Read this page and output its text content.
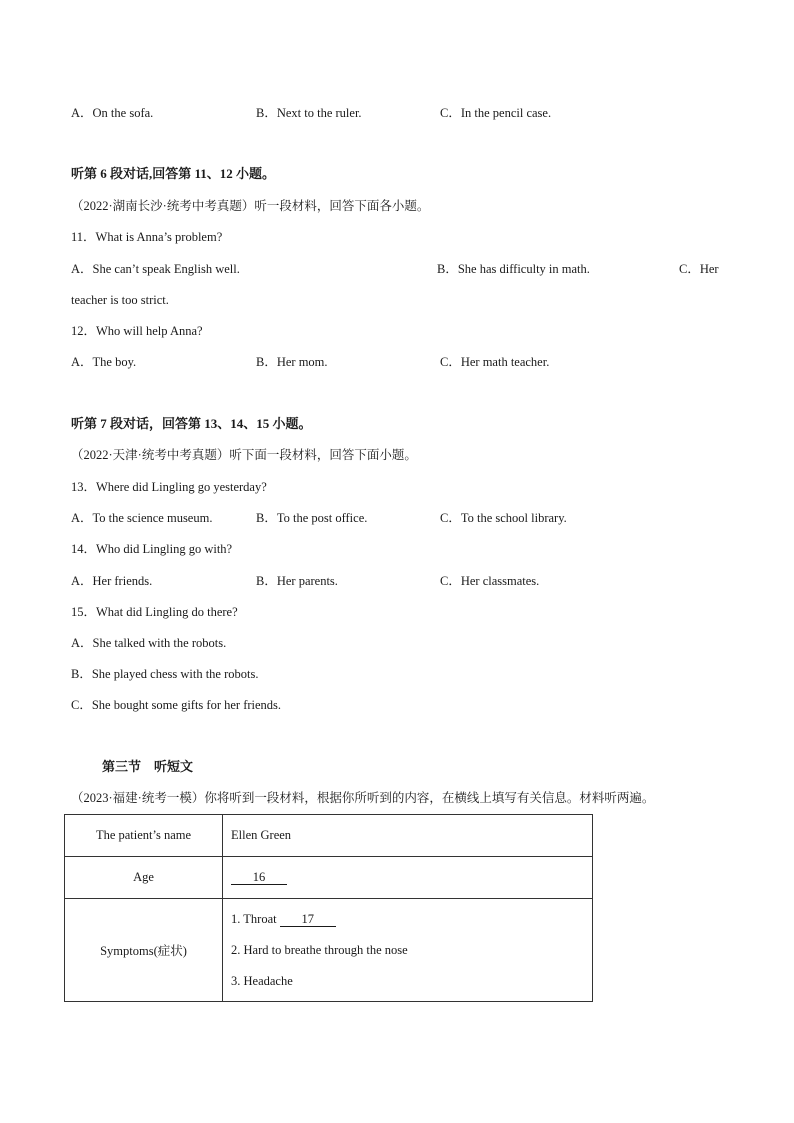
A．On the sofa.	B．Next to the ruler.	C．In the pencil case.
听第 6 段对话,回答第 11、12 小题。
（2022·湖南长沙·统考中考真题）听一段材料，回答下面各小题。
11．What is Anna’s problem?
A．She can’t speak English well.	B．She has difficulty in math.	C．Her
teacher is too strict.
12．Who will help Anna?
A．The boy.	B．Her mom.	C．Her math teacher.
听第 7 段对话，回答第 13、14、15 小题。
（2022·天津·统考中考真题）听下面一段材料，回答下面小题。
13．Where did Lingling go yesterday?
A．To the science museum.	B．To the post office.	C．To the school library.
14．Who did Lingling go with?
A．Her friends.	B．Her parents.	C．Her classmates.
15．What did Lingling do there?
A．She talked with the robots.
B．She played chess with the robots.
C．She bought some gifts for her friends.
第三节　听短文
（2023·福建·统考一模）你将听到一段材料，根据你所听到的内容，在横线上填写有关信息。材料听两遍。
The patient’s name	Ellen Green
Age	16
Symptoms(症状)	1. Throat 17
2. Hard to breathe through the nose
3. Headache
